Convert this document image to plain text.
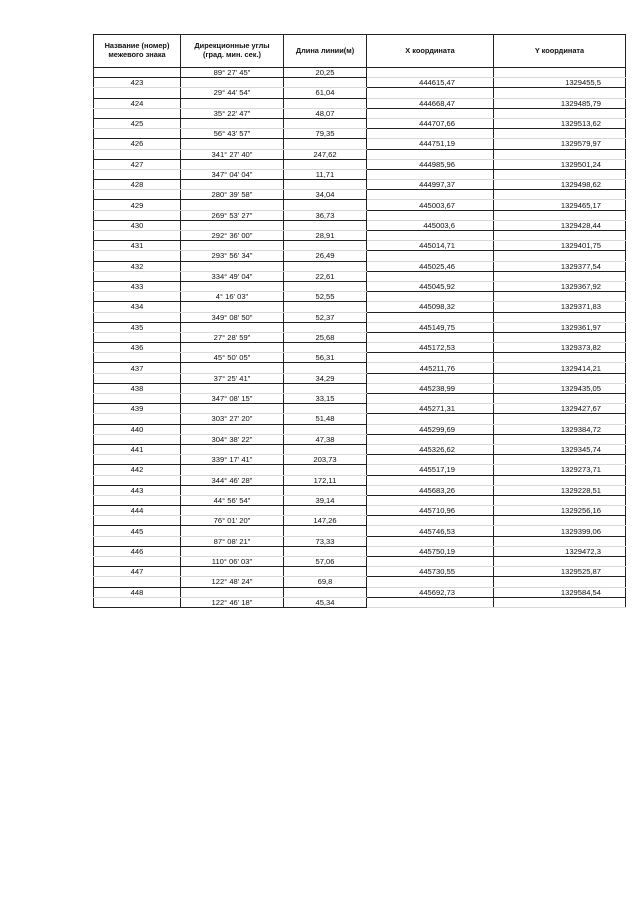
Название (номер) межевого знака	Дирекционные углы (град. мин. сек.)	Длина линии(м)	Х координата	Y координата
	89° 27' 45"	20,25		
423			444615,47	1329455,5
	29° 44' 54"	61,04		
424			444668,47	1329485,79
	35° 22' 47"	48,07		
425			444707,66	1329513,62
	56° 43' 57"	79,35		
426			444751,19	1329579,97
	341° 27' 40"	247,62		
427			444985,96	1329501,24
	347° 04' 04"	11,71		
428			444997,37	1329498,62
	280° 39' 58"	34,04		
429			445003,67	1329465,17
	269° 53' 27"	36,73		
430			445003,6	1329428,44
	292° 36' 00"	28,91		
431			445014,71	1329401,75
	293° 56' 34"	26,49		
432			445025,46	1329377,54
	334° 49' 04"	22,61		
433			445045,92	1329367,92
	4° 16' 03"	52,55		
434			445098,32	1329371,83
	349° 08' 50"	52,37		
435			445149,75	1329361,97
	27° 28' 59"	25,68		
436			445172,53	1329373,82
	45° 50' 05"	56,31		
437			445211,76	1329414,21
	37° 25' 41"	34,29		
438			445238,99	1329435,05
	347° 08' 15"	33,15		
439			445271,31	1329427,67
	303° 27' 20"	51,48		
440			445299,69	1329384,72
	304° 38' 22"	47,38		
441			445326,62	1329345,74
	339° 17' 41"	203,73		
442			445517,19	1329273,71
	344° 46' 28"	172,11		
443			445683,26	1329228,51
	44° 56' 54"	39,14		
444			445710,96	1329256,16
	76° 01' 20"	147,26		
445			445746,53	1329399,06
	87° 08' 21"	73,33		
446			445750,19	1329472,3
	110° 06' 03"	57,06		
447			445730,55	1329525,87
	122° 48' 24"	69,8		
448			445692,73	1329584,54
	122° 46' 18"	45,34		
